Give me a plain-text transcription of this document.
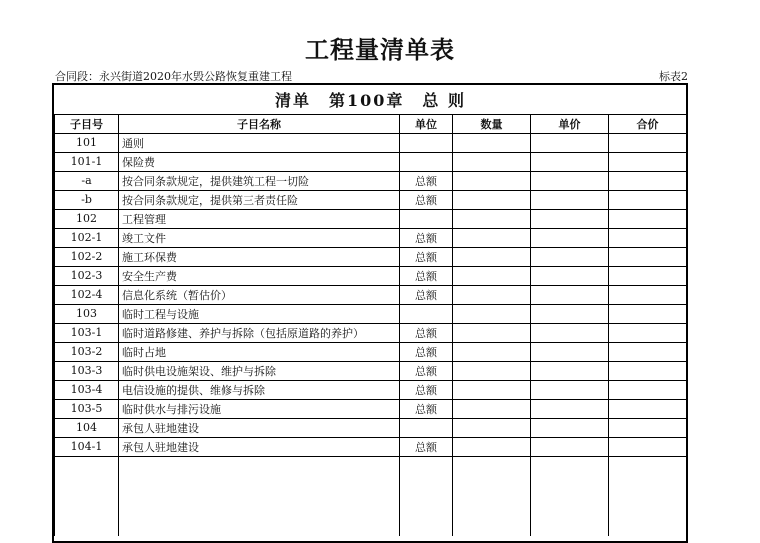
工程量清单表
合同段：永兴街道2020年水毁公路恢复重建工程	标表2
清单　第100章　总 则					
子目号	子目名称	单位	数量	单价	合价
101	通则				
101-1	保险费				
-a	按合同条款规定，提供建筑工程一切险	总额			
-b	按合同条款规定，提供第三者责任险	总额			
102	工程管理				
102-1	竣工文件	总额			
102-2	施工环保费	总额			
102-3	安全生产费	总额			
102-4	信息化系统（暂估价）	总额			
103	临时工程与设施				
103-1	临时道路修建、养护与拆除（包括原道路的养护）	总额			
103-2	临时占地	总额			
103-3	临时供电设施架设、维护与拆除	总额			
103-4	电信设施的提供、维修与拆除	总额			
103-5	临时供水与排污设施	总额			
104	承包人驻地建设				
104-1	承包人驻地建设	总额			
